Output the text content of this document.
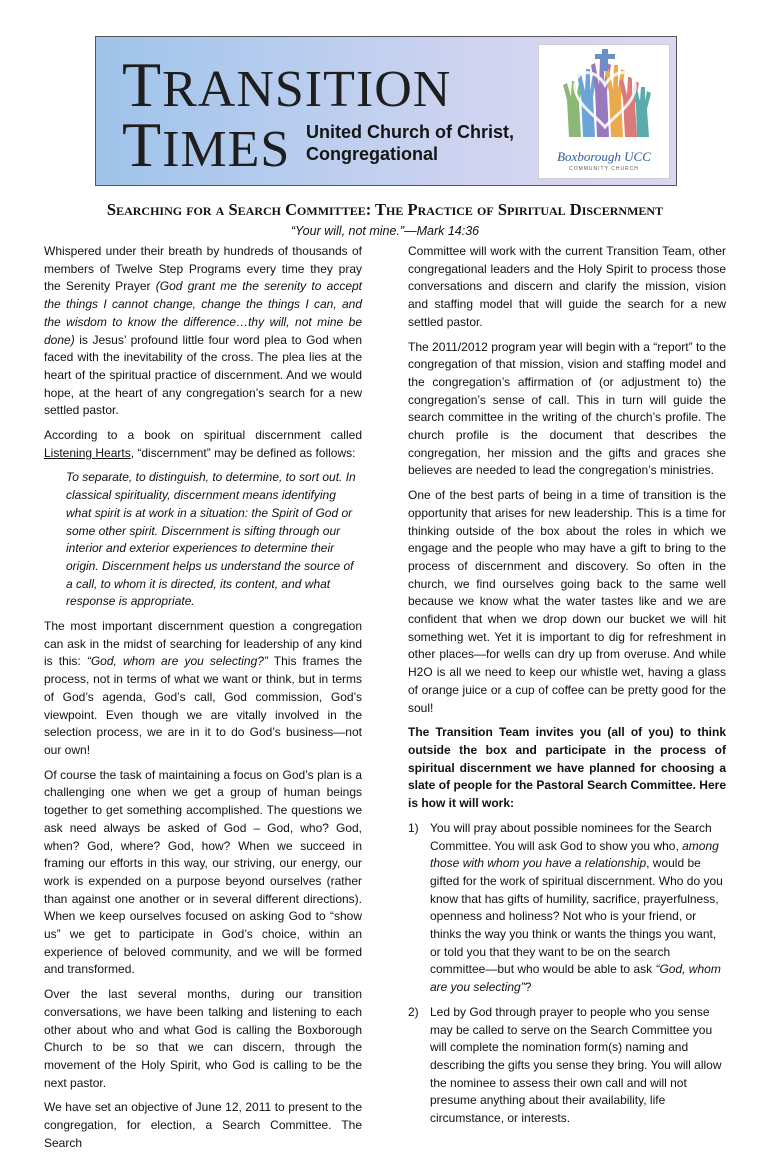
TRANSITION
TIMES United Church of Christ,
Congregational	Boxborough UCC
COMMUNITY CHURCH
Searching for a Search Committee: The Practice of Spiritual Discernment
“Your will, not mine.”—Mark 14:36

Whispered under their breath by hundreds of thousands of members of Twelve Step Programs every time they pray the Serenity Prayer (God grant me the serenity to accept the things I cannot change, change the things I can, and the wisdom to know the difference…thy will, not mine be done) is Jesus’ profound little four word plea to God when faced with the inevitability of the cross. The plea lies at the heart of the spiritual practice of discernment. And we would hope, at the heart of any congregation’s search for a new settled pastor.

According to a book on spiritual discernment called Listening Hearts, “discernment” may be defined as follows:

To separate, to distinguish, to determine, to sort out. In classical spirituality, discernment means identifying what spirit is at work in a situation: the Spirit of God or some other spirit. Discernment is sifting through our interior and exterior experiences to determine their origin. Discernment helps us understand the source of a call, to whom it is directed, its content, and what response is appropriate.

The most important discernment question a congregation can ask in the midst of searching for leadership of any kind is this: “God, whom are you selecting?” This frames the process, not in terms of what we want or think, but in terms of God’s agenda, God’s call, God commission, God’s viewpoint. Even though we are vitally involved in the selection process, we are in it to do God’s business—not our own!

Of course the task of maintaining a focus on God’s plan is a challenging one when we get a group of human beings together to get something accomplished. The questions we ask need always be asked of God – God, who? God, when? God, where? God, how? When we succeed in framing our efforts in this way, our striving, our energy, our work is expended on a purpose beyond ourselves (rather than against one another or in several different directions). When we keep ourselves focused on asking God to “show us” we get to participate in God’s choice, within an experience of beloved community, and we will be formed and transformed.

Over the last several months, during our transition conversations, we have been talking and listening to each other about who and what God is calling the Boxborough Church to be so that we can discern, through the movement of the Holy Spirit, who God is calling to be the next pastor.

We have set an objective of June 12, 2011 to present to the congregation, for election, a Search Committee. The Search

Committee will work with the current Transition Team, other congregational leaders and the Holy Spirit to process those conversations and discern and clarify the mission, vision and staffing model that will guide the search for a new settled pastor.

The 2011/2012 program year will begin with a “report” to the congregation of that mission, vision and staffing model and the congregation’s affirmation of (or adjustment to) the congregation’s sense of call. This in turn will guide the search committee in the writing of the church’s profile. The church profile is the document that describes the congregation, her mission and the gifts and graces she believes are needed to lead the congregation’s ministries.

One of the best parts of being in a time of transition is the opportunity that arises for new leadership. This is a time for thinking outside of the box about the roles in which we engage and the people who may have a gift to bring to the process of discernment and discovery. So often in the church, we find ourselves going back to the same well because we know what the water tastes like and we are confident that when we drop down our bucket we will hit something wet. Yet it is important to dig for refreshment in other places—for wells can dry up from overuse. And while H2O is all we need to keep our whistle wet, having a glass of orange juice or a cup of coffee can be pretty good for the soul!

The Transition Team invites you (all of you) to think outside the box and participate in the process of spiritual discernment we have planned for choosing a slate of people for the Pastoral Search Committee. Here is how it will work:

1) You will pray about possible nominees for the Search Committee. You will ask God to show you who, among those with whom you have a relationship, would be gifted for the work of spiritual discernment. Who do you know that has gifts of humility, sacrifice, prayerfulness, openness and holiness? Not who is your friend, or thinks the way you think or wants the things you want, or told you that they want to be on the search committee—but who would be able to ask “God, whom are you selecting”?
2) Led by God through prayer to people who you sense may be called to serve on the Search Committee you will complete the nomination form(s) naming and describing the gifts you sense they bring. You will allow the nominee to assess their own call and will not presume anything about their availability, life circumstance, or interests.
